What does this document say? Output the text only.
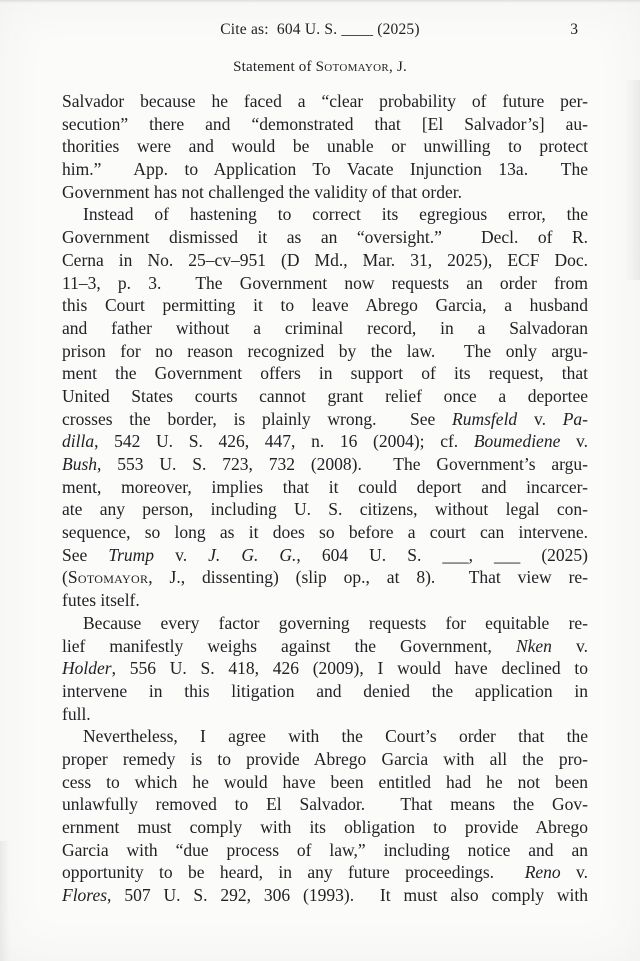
Cite as:  604 U. S. ____ (2025)	3
Statement of Sotomayor, J.
Salvador because he faced a “clear probability of future per-
secution” there and “demonstrated that [El Salvador’s] au-
thorities were and would be unable or unwilling to protect
him.”  App. to Application To Vacate Injunction 13a.  The
Government has not challenged the validity of that order.
Instead of hastening to correct its egregious error, the
Government dismissed it as an “oversight.”  Decl. of R.
Cerna in No. 25–cv–951 (D Md., Mar. 31, 2025), ECF Doc.
11–3, p. 3.  The Government now requests an order from
this Court permitting it to leave Abrego Garcia, a husband
and father without a criminal record, in a Salvadoran
prison for no reason recognized by the law.  The only argu-
ment the Government offers in support of its request, that
United States courts cannot grant relief once a deportee
crosses the border, is plainly wrong.  See Rumsfeld v. Pa-
dilla, 542 U. S. 426, 447, n. 16 (2004); cf. Boumediene v.
Bush, 553 U. S. 723, 732 (2008).  The Government’s argu-
ment, moreover, implies that it could deport and incarcer-
ate any person, including U. S. citizens, without legal con-
sequence, so long as it does so before a court can intervene.
See Trump v. J. G. G., 604 U. S. ___, ___ (2025)
(Sotomayor, J., dissenting) (slip op., at 8).  That view re-
futes itself.
Because every factor governing requests for equitable re-
lief manifestly weighs against the Government, Nken v.
Holder, 556 U. S. 418, 426 (2009), I would have declined to
intervene in this litigation and denied the application in
full.
Nevertheless, I agree with the Court’s order that the
proper remedy is to provide Abrego Garcia with all the pro-
cess to which he would have been entitled had he not been
unlawfully removed to El Salvador.  That means the Gov-
ernment must comply with its obligation to provide Abrego
Garcia with “due process of law,” including notice and an
opportunity to be heard, in any future proceedings.  Reno v.
Flores, 507 U. S. 292, 306 (1993).  It must also comply with
